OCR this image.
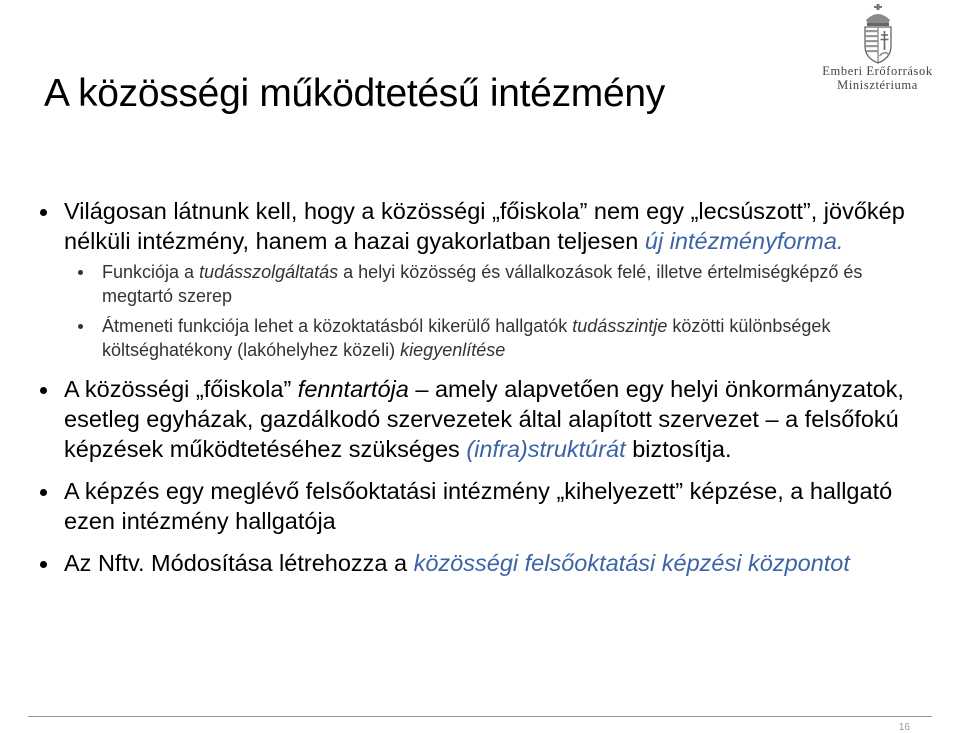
A közösségi működtetésű intézmény
Emberi Erőforrások
Minisztériuma
Világosan látnunk kell, hogy a közösségi „főiskola” nem egy „lecsúszott”, jövőkép nélküli intézmény, hanem a hazai gyakorlatban teljesen új intézményforma.
Funkciója a tudásszolgáltatás a helyi közösség és vállalkozások felé, illetve értelmiségképző és megtartó szerep
Átmeneti funkciója lehet a közoktatásból kikerülő hallgatók tudásszintje közötti különbségek költséghatékony (lakóhelyhez közeli) kiegyenlítése
A közösségi „főiskola” fenntartója – amely alapvetően egy helyi önkormányzatok, esetleg egyházak, gazdálkodó szervezetek által alapított szervezet – a felsőfokú képzések működtetéséhez szükséges (infra)struktúrát biztosítja.
A képzés egy meglévő felsőoktatási intézmény „kihelyezett” képzése, a hallgató ezen intézmény hallgatója
Az Nftv. Módosítása létrehozza a közösségi felsőoktatási képzési központot
16
